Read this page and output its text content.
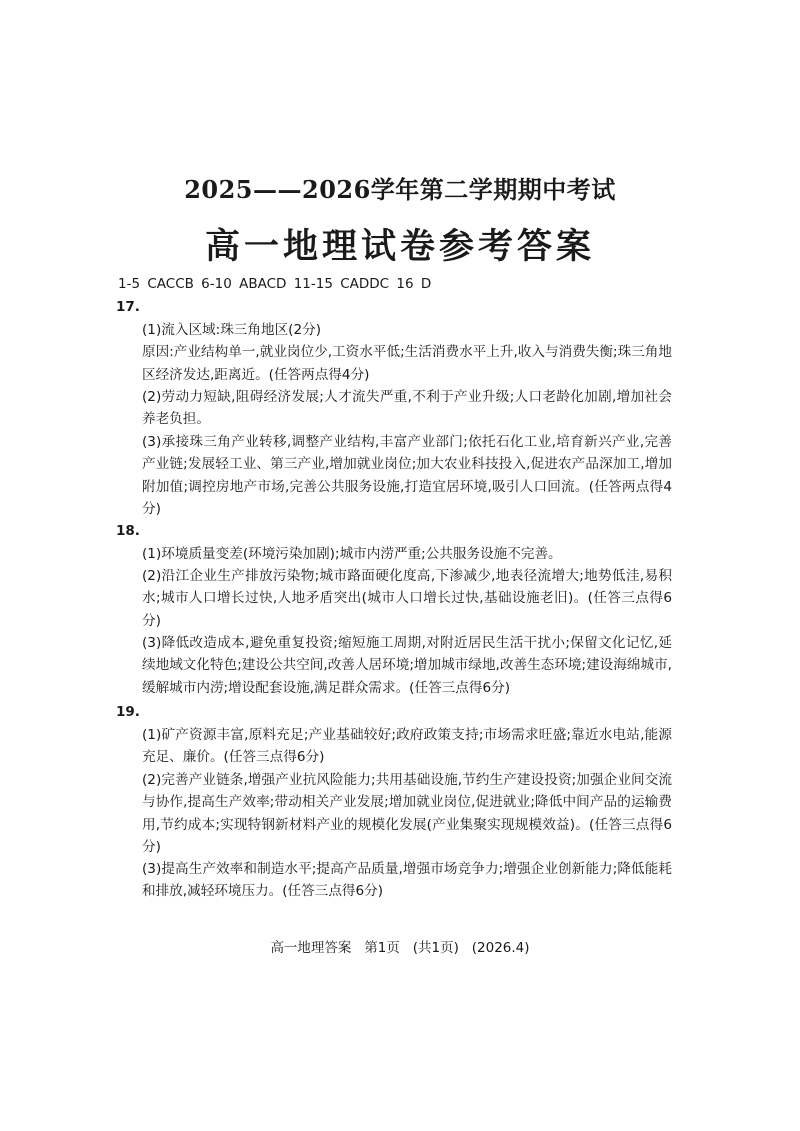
2025——2026学年第二学期期中考试
高一地理试卷参考答案
1-5 CACCB 6-10 ABACD 11-15 CADDC 16 D
17.
(1)流入区域:珠三角地区(2分)
原因:产业结构单一,就业岗位少,工资水平低;生活消费水平上升,收入与消费失衡;珠三角地区经济发达,距离近。(任答两点得4分)
(2)劳动力短缺,阻碍经济发展;人才流失严重,不利于产业升级;人口老龄化加剧,增加社会养老负担。
(3)承接珠三角产业转移,调整产业结构,丰富产业部门;依托石化工业,培育新兴产业,完善产业链;发展轻工业、第三产业,增加就业岗位;加大农业科技投入,促进农产品深加工,增加附加值;调控房地产市场,完善公共服务设施,打造宜居环境,吸引人口回流。(任答两点得4分)
18.
(1)环境质量变差(环境污染加剧);城市内涝严重;公共服务设施不完善。
(2)沿江企业生产排放污染物;城市路面硬化度高,下渗减少,地表径流增大;地势低洼,易积水;城市人口增长过快,人地矛盾突出(城市人口增长过快,基础设施老旧)。(任答三点得6分)
(3)降低改造成本,避免重复投资;缩短施工周期,对附近居民生活干扰小;保留文化记忆,延续地域文化特色;建设公共空间,改善人居环境;增加城市绿地,改善生态环境;建设海绵城市,缓解城市内涝;增设配套设施,满足群众需求。(任答三点得6分)
19.
(1)矿产资源丰富,原料充足;产业基础较好;政府政策支持;市场需求旺盛;靠近水电站,能源充足、廉价。(任答三点得6分)
(2)完善产业链条,增强产业抗风险能力;共用基础设施,节约生产建设投资;加强企业间交流与协作,提高生产效率;带动相关产业发展;增加就业岗位,促进就业;降低中间产品的运输费用,节约成本;实现特钢新材料产业的规模化发展(产业集聚实现规模效益)。(任答三点得6分)
(3)提高生产效率和制造水平;提高产品质量,增强市场竞争力;增强企业创新能力;降低能耗和排放,减轻环境压力。(任答三点得6分)
高一地理答案   第1页   (共1页)   (2026.4)
